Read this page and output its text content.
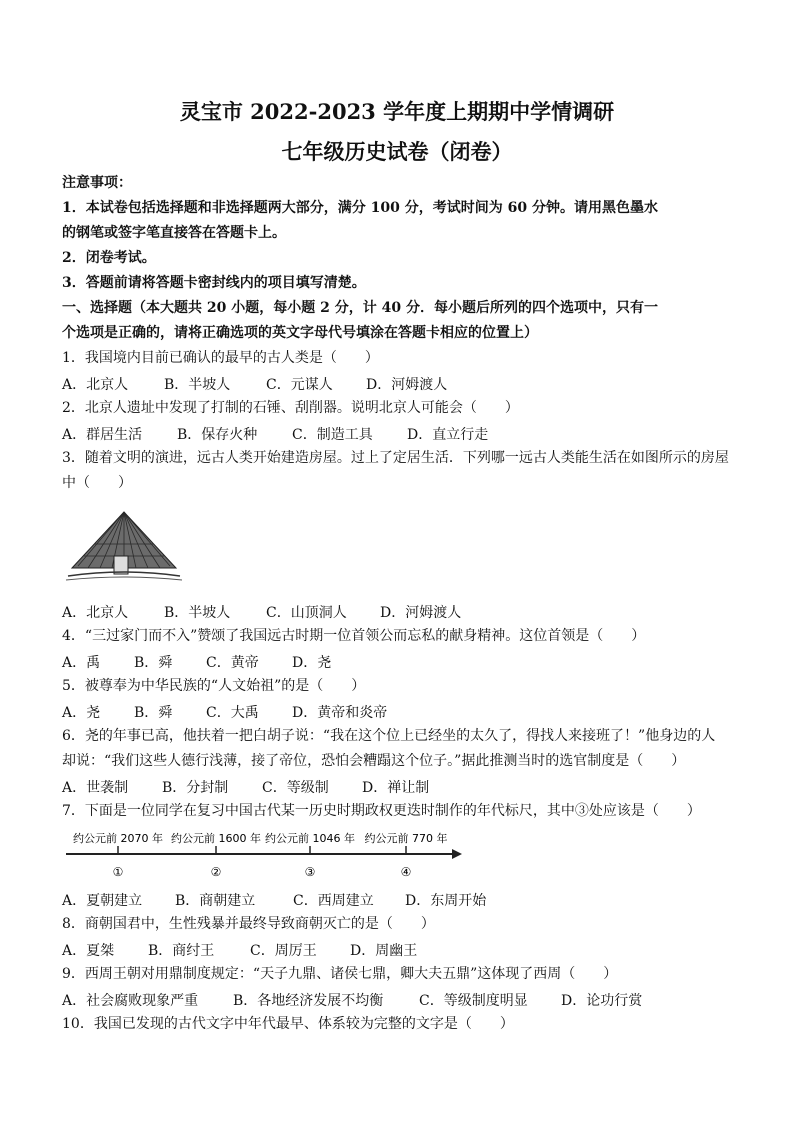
灵宝市 2022-2023 学年度上期期中学情调研
七年级历史试卷（闭卷）
注意事项：
1．本试卷包括选择题和非选择题两大部分，满分 100 分，考试时间为 60 分钟。请用黑色墨水
的钢笔或签字笔直接答在答题卡上。
2．闭卷考试。
3．答题前请将答题卡密封线内的项目填写清楚。
一、选择题（本大题共 20 小题，每小题 2 分，计 40 分．每小题后所列的四个选项中，只有一
个选项是正确的，请将正确选项的英文字母代号填涂在答题卡相应的位置上）
1．我国境内目前已确认的最早的古人类是（　　）
A．北京人	B．半坡人	C．元谋人 D．河姆渡人
2．北京人遗址中发现了打制的石锤、刮削器。说明北京人可能会（　　）
A．群居生活 B．保存火种 C．制造工具 D．直立行走
3．随着文明的演进，远古人类开始建造房屋。过上了定居生活．下列哪一远古人类能生活在如图所示的房屋
中（　　）
A．北京人	B．半坡人	C．山顶洞人 D．河姆渡人
4．“三过家门而不入”赞颂了我国远古时期一位首领公而忘私的献身精神。这位首领是（　　）
A．禹 B．舜 C．黄帝 D．尧
5．被尊奉为中华民族的“人文始祖”的是（　　）
A．尧 B．舜 C．大禹 D．黄帝和炎帝
6．尧的年事已高，他扶着一把白胡子说：“我在这个位上已经坐的太久了，得找人来接班了！”他身边的人
却说：“我们这些人德行浅薄，接了帝位，恐怕会糟蹋这个位子。”据此推测当时的选官制度是（　　）
A．世袭制 B．分封制 C．等级制 D．禅让制
7．下面是一位同学在复习中国古代某一历史时期政权更迭时制作的年代标尺，其中③处应该是（　　）
约公元前 2070 年 约公元前 1600 年 约公元前 1046 年 约公元前 770 年
①	②	③	④
A．夏朝建立 B．商朝建立	C．西周建立 D．东周开始
8．商朝国君中，生性残暴并最终导致商朝灭亡的是（　　）
A．夏桀 B．商纣王	C．周厉王 D．周幽王
9．西周王朝对用鼎制度规定：“天子九鼎、诸侯七鼎，卿大夫五鼎”这体现了西周（　　）
A．社会腐败现象严重 B．各地经济发展不均衡	C．等级制度明显 D．论功行赏
10．我国已发现的古代文字中年代最早、体系较为完整的文字是（　　）
